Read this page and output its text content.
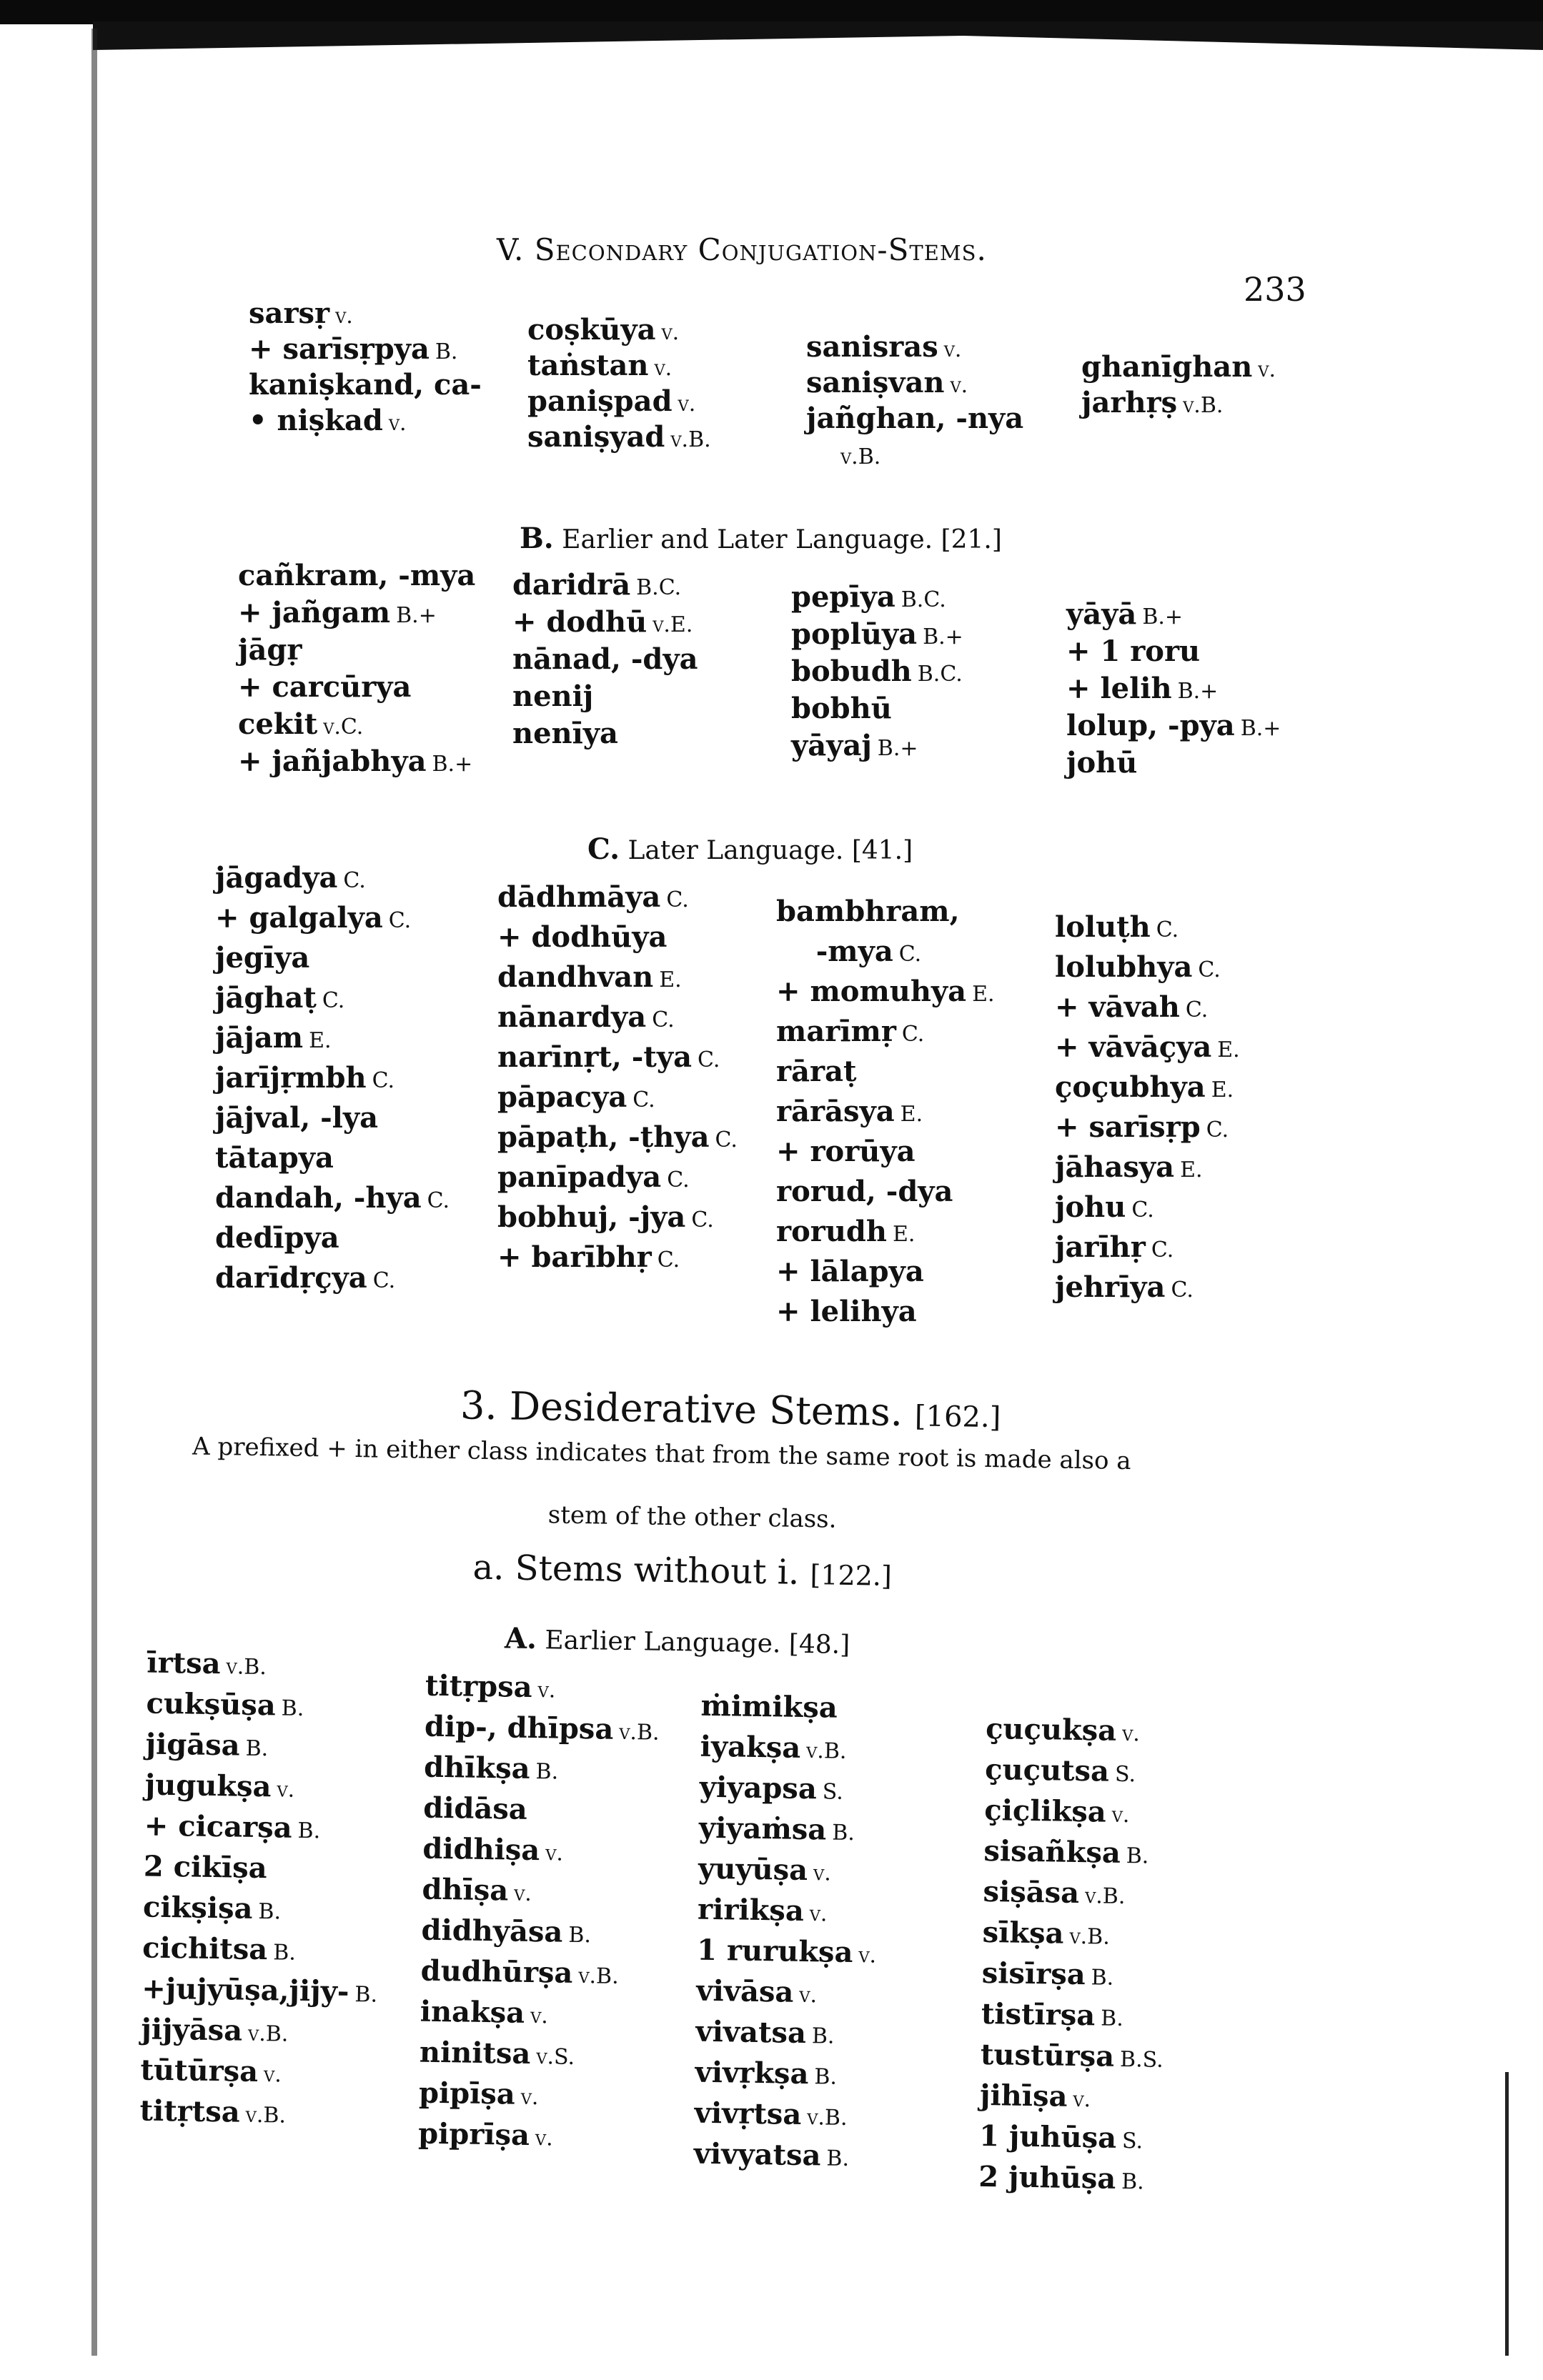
V. Secondary Conjugation-Stems.
233
sarsṛ v.
+ sarīsṛpya B.
kaniṣkand, ca-
• niṣkad v.
coṣkūya v.
taṅstan v.
paniṣpad v.
saniṣyad v.B.
sanisras v.
saniṣvan v.
jañghan, -nya
v.B.
ghanīghan v.
jarhṛṣ v.B.
B. Earlier and Later Language. [21.]
cañkram, -mya
+ jañgam B.+
jāgṛ
+ carcūrya
cekit v.C.
+ jañjabhya B.+
daridrā B.C.
+ dodhū v.E.
nānad, -dya
nenij
nenīya
pepīya B.C.
poplūya B.+
bobudh B.C.
bobhū
yāyaj B.+
yāyā B.+
+ 1 roru
+ lelih B.+
lolup, -pya B.+
johū
C. Later Language. [41.]
jāgadya C.
+ galgalya C.
jegīya
jāghaṭ C.
jājam E.
jarījṛmbh C.
jājval, -lya
tātapya
dandah, -hya C.
dedīpya
darīdṛçya C.
dādhmāya C.
+ dodhūya
dandhvan E.
nānardya C.
narīnṛt, -tya C.
pāpacya C.
pāpaṭh, -ṭhya C.
panīpadya C.
bobhuj, -jya C.
+ barībhṛ C.
bambhram,
-mya C.
+ momuhya E.
marīmṛ C.
rāraṭ
rārāsya E.
+ rorūya
rorud, -dya
rorudh E.
+ lālapya
+ lelihya
loluṭh C.
lolubhya C.
+ vāvah C.
+ vāvāçya E.
çoçubhya E.
+ sarīsṛp C.
jāhasya E.
johu C.
jarīhṛ C.
jehrīya C.
3. Desiderative Stems. [162.]
A prefixed + in either class indicates that from the same root is made also a
stem of the other class.
a. Stems without i. [122.]
A. Earlier Language. [48.]
īrtsa v.B.
cukṣūṣa B.
jigāsa B.
jugukṣa v.
+ cicarṣa B.
2 cikīṣa
cikṣiṣa B.
cichitsa B.
+jujyūṣa,jijy- B.
jijyāsa v.B.
tūtūrṣa v.
titṛtsa v.B.
titṛpsa v.
dip-, dhīpsa v.B.
dhīkṣa B.
didāsa
didhiṣa v.
dhīṣa v.
didhyāsa B.
dudhūrṣa v.B.
inakṣa v.
ninitsa v.S.
pipīṣa v.
piprīṣa v.
ṁimikṣa
iyakṣa v.B.
yiyapsa S.
yiyaṁsa B.
yuyūṣa v.
ririkṣa v.
1 rurukṣa v.
vivāsa v.
vivatsa B.
vivṛkṣa B.
vivṛtsa v.B.
vivyatsa B.
çuçukṣa v.
çuçutsa S.
çiçlikṣa v.
sisañkṣa B.
siṣāsa v.B.
sīkṣa v.B.
sisīrṣa B.
tistīrṣa B.
tustūrṣa B.S.
jihīṣa v.
1 juhūṣa S.
2 juhūṣa B.
